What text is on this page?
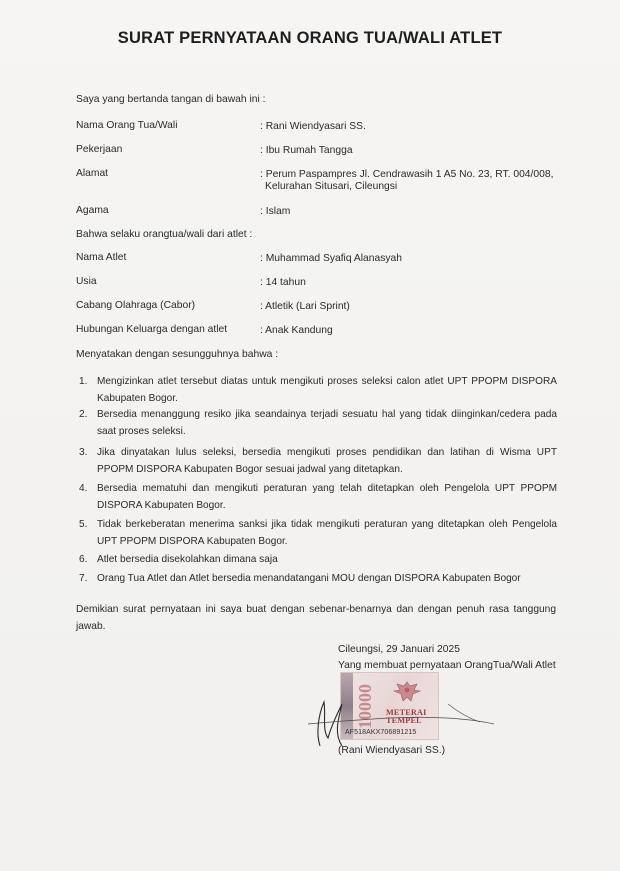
SURAT PERNYATAAN ORANG TUA/WALI ATLET
Saya yang bertanda tangan di bawah ini :
Nama Orang Tua/Wali	: Rani Wiendyasari SS.
Pekerjaan	: Ibu Rumah Tangga
Alamat	: Perum Paspampres Jl. Cendrawasih 1 A5 No. 23, RT. 004/008,
Kelurahan Situsari, Cileungsi
Agama	: Islam
Bahwa selaku orangtua/wali dari atlet :
Nama Atlet	: Muhammad Syafiq Alanasyah
Usia	: 14 tahun
Cabang Olahraga (Cabor)	: Atletik (Lari Sprint)
Hubungan Keluarga dengan atlet	: Anak Kandung
Menyatakan dengan sesungguhnya bahwa :
1. Mengizinkan atlet tersebut diatas untuk mengikuti proses seleksi calon atlet UPT PPOPM DISPORA Kabupaten Bogor.
2. Bersedia menanggung resiko jika seandainya terjadi sesuatu hal yang tidak diinginkan/cedera pada saat proses seleksi.
3. Jika dinyatakan lulus seleksi, bersedia mengikuti proses pendidikan dan latihan di Wisma UPT PPOPM DISPORA Kabupaten Bogor sesuai jadwal yang ditetapkan.
4. Bersedia mematuhi dan mengikuti peraturan yang telah ditetapkan oleh Pengelola UPT PPOPM DISPORA Kabupaten Bogor.
5. Tidak berkeberatan menerima sanksi jika tidak mengikuti peraturan yang ditetapkan oleh Pengelola UPT PPOPM DISPORA Kabupaten Bogor.
6. Atlet bersedia disekolahkan dimana saja
7. Orang Tua Atlet dan Atlet bersedia menandatangani MOU dengan DISPORA Kabupaten Bogor
Demikian surat pernyataan ini saya buat dengan sebenar-benarnya dan dengan penuh rasa tanggung jawab.
Cileungsi, 29 Januari 2025
Yang membuat pernyataan OrangTua/Wali Atlet
10000	METERAI
TEMPEL
AF518AKX706891215
(Rani Wiendyasari SS.)
